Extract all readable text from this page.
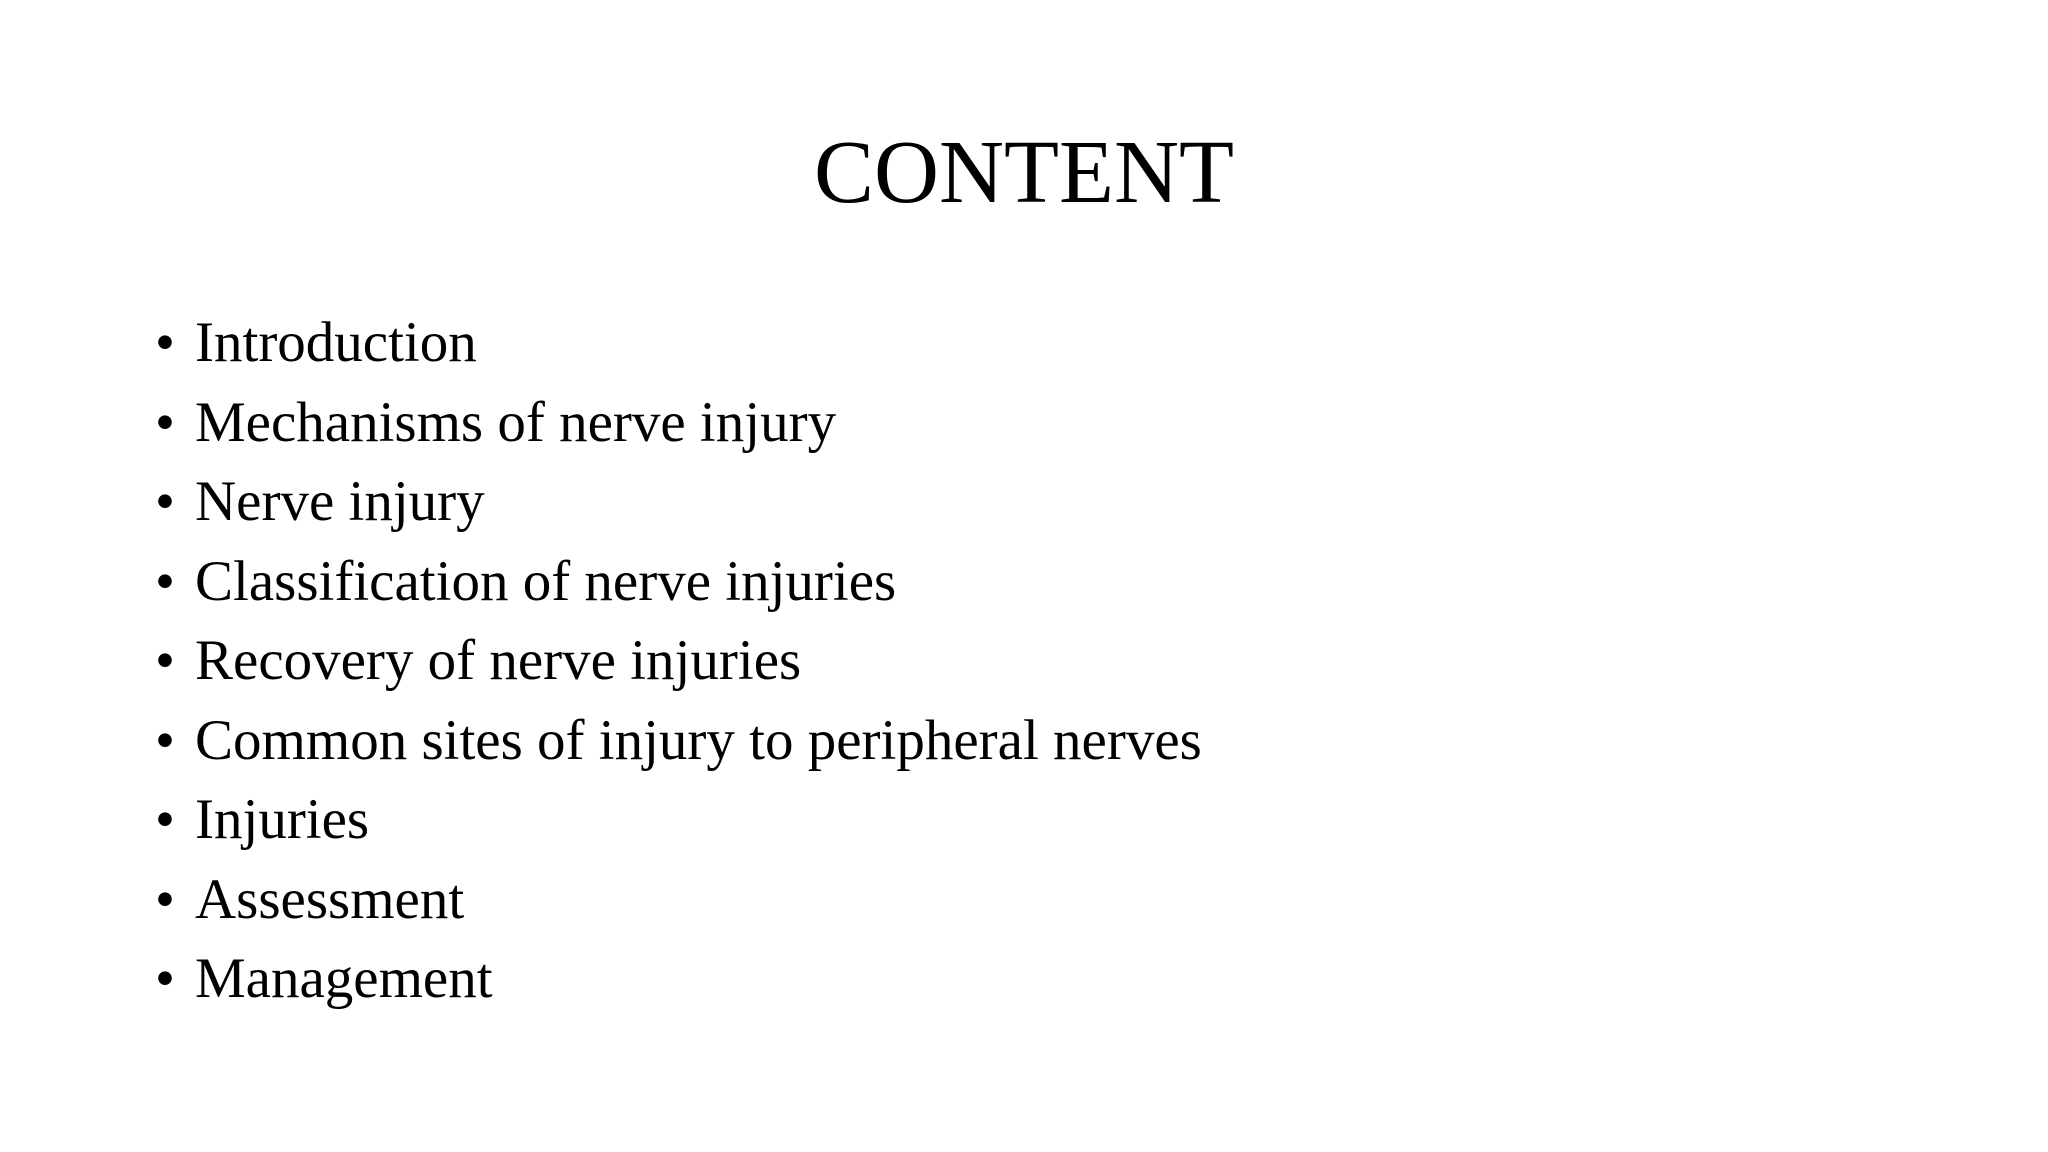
CONTENT
• Introduction
• Mechanisms of nerve injury
• Nerve injury
• Classification of nerve injuries
• Recovery of nerve injuries
• Common sites of injury to peripheral nerves
• Injuries
• Assessment
• Management
